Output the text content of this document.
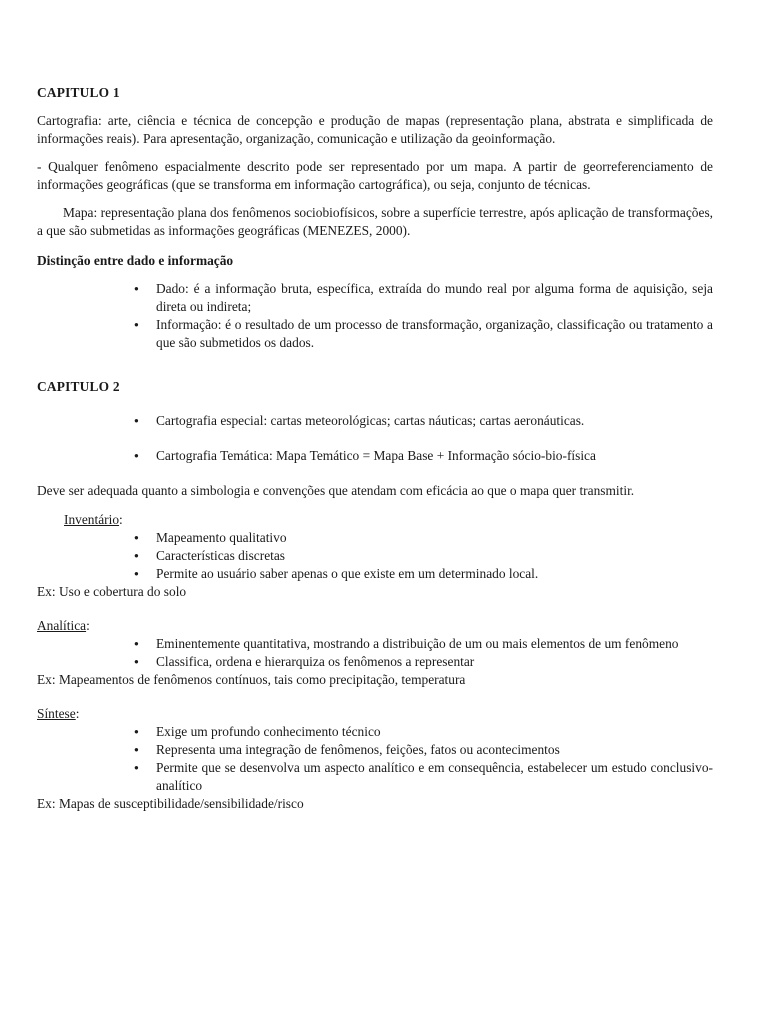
CAPITULO 1

Cartografia: arte, ciência e técnica de concepção e produção de mapas (representação plana, abstrata e simplificada de informações reais). Para apresentação, organização, comunicação e utilização da geoinformação.

- Qualquer fenômeno espacialmente descrito pode ser representado por um mapa. A partir de georreferenciamento de informações geográficas (que se transforma em informação cartográfica), ou seja, conjunto de técnicas.

Mapa: representação plana dos fenômenos sociobiofísicos, sobre a superfície terrestre, após aplicação de transformações, a que são submetidas as informações geográficas (MENEZES, 2000).

Distinção entre dado e informação

● Dado: é a informação bruta, específica, extraída do mundo real por alguma forma de aquisição, seja direta ou indireta;
● Informação: é o resultado de um processo de transformação, organização, classificação ou tratamento a que são submetidos os dados.
CAPITULO 2
● Cartografia especial: cartas meteorológicas; cartas náuticas; cartas aeronáuticas.
● Cartografia Temática: Mapa Temático = Mapa Base + Informação sócio-bio-física

Deve ser adequada quanto a simbologia e convenções que atendam com eficácia ao que o mapa quer transmitir.

Inventário:
● Mapeamento qualitativo
● Características discretas
● Permite ao usuário saber apenas o que existe em um determinado local.

Ex: Uso e cobertura do solo

Analítica:
● Eminentemente quantitativa, mostrando a distribuição de um ou mais elementos de um fenômeno
● Classifica, ordena e hierarquiza os fenômenos a representar

Ex: Mapeamentos de fenômenos contínuos, tais como precipitação, temperatura

Síntese:
● Exige um profundo conhecimento técnico
● Representa uma integração de fenômenos, feições, fatos ou acontecimentos
● Permite que se desenvolva um aspecto analítico e em consequência, estabelecer um estudo conclusivo-analítico

Ex: Mapas de susceptibilidade/sensibilidade/risco
